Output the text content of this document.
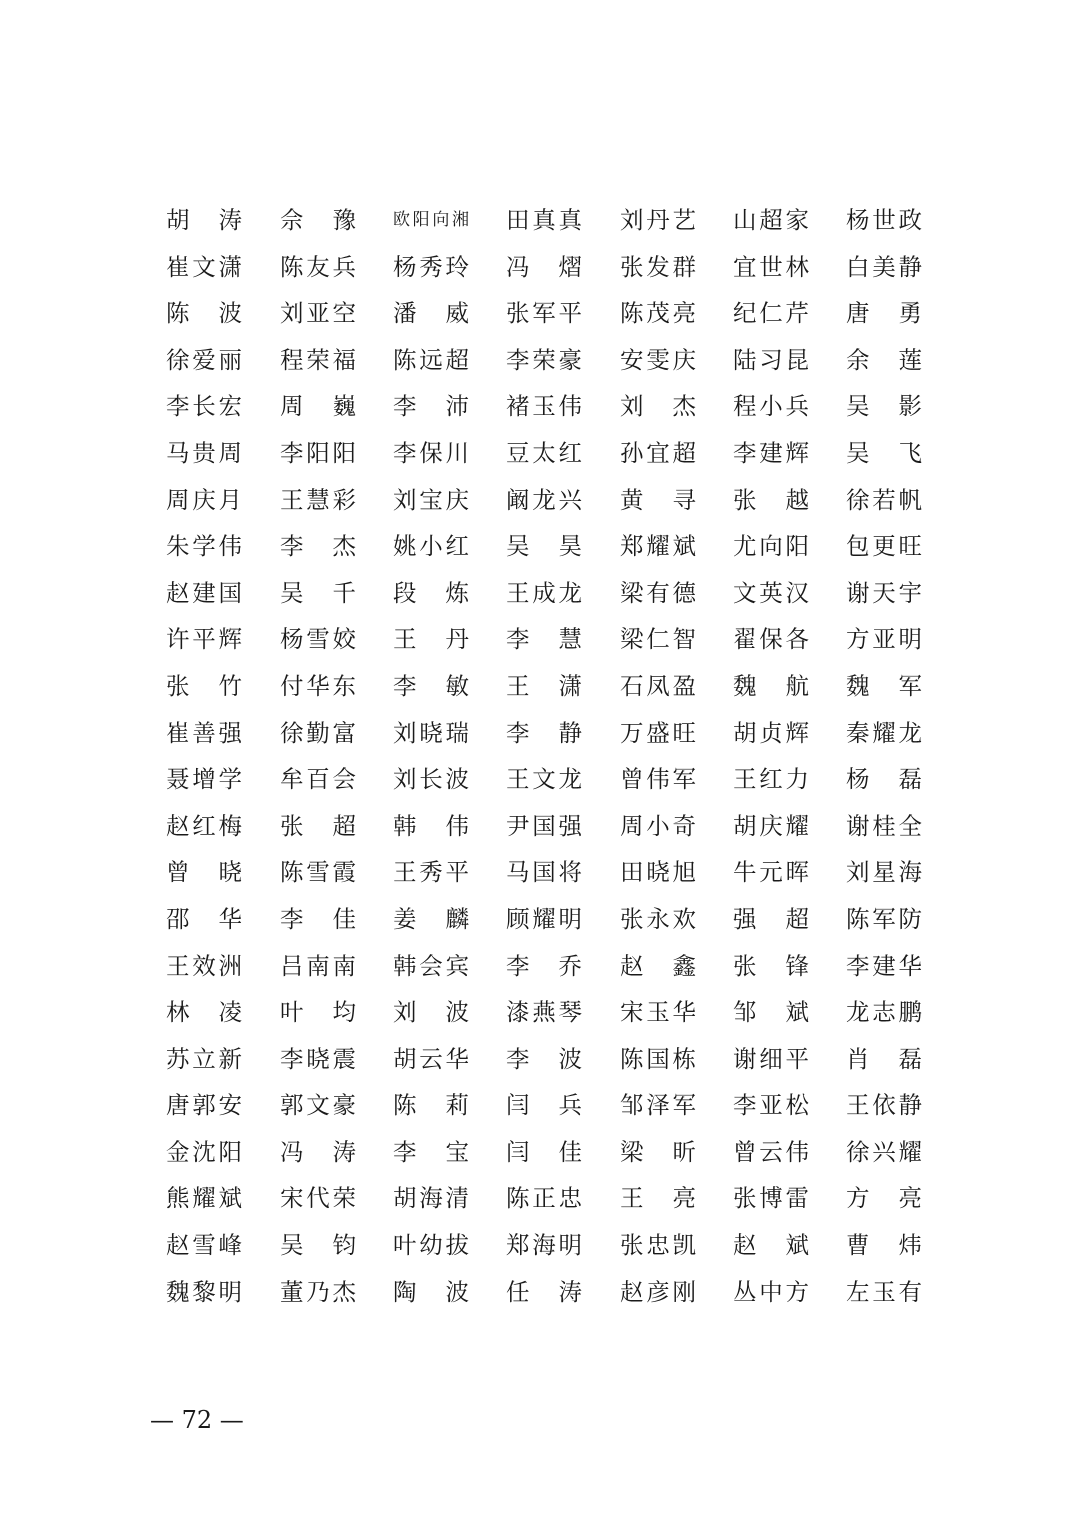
胡 涛 佘 豫 欧 阳 向 湘 田 真 真 刘 丹 艺 山 超 家 杨 世 政
崔 文 潇 陈 友 兵 杨 秀 玲 冯 熠 张 发 群 宜 世 林 白 美 静
陈 波 刘 亚 空 潘 威 张 军 平 陈 茂 亮 纪 仁 芹 唐 勇
徐 爱 丽 程 荣 福 陈 远 超 李 荣 豪 安 雯 庆 陆 习 昆 余 莲
李 长 宏 周 巍 李 沛 褚 玉 伟 刘 杰 程 小 兵 吴 影
马 贵 周 李 阳 阳 李 保 川 豆 太 红 孙 宜 超 李 建 辉 吴 飞
周 庆 月 王 慧 彩 刘 宝 庆 阚 龙 兴 黄 寻 张 越 徐 若 帆
朱 学 伟 李 杰 姚 小 红 吴 昊 郑 耀 斌 尤 向 阳 包 更 旺
赵 建 国 吴 千 段 炼 王 成 龙 梁 有 德 文 英 汉 谢 天 宇
许 平 辉 杨 雪 姣 王 丹 李 慧 梁 仁 智 翟 保 各 方 亚 明
张 竹 付 华 东 李 敏 王 潇 石 凤 盈 魏 航 魏 军
崔 善 强 徐 勤 富 刘 晓 瑞 李 静 万 盛 旺 胡 贞 辉 秦 耀 龙
聂 增 学 牟 百 会 刘 长 波 王 文 龙 曾 伟 军 王 红 力 杨 磊
赵 红 梅 张 超 韩 伟 尹 国 强 周 小 奇 胡 庆 耀 谢 桂 全
曾 晓 陈 雪 霞 王 秀 平 马 国 将 田 晓 旭 牛 元 晖 刘 星 海
邵 华 李 佳 姜 麟 顾 耀 明 张 永 欢 强 超 陈 军 防
王 效 洲 吕 南 南 韩 会 宾 李 乔 赵 鑫 张 锋 李 建 华
林 凌 叶 均 刘 波 漆 燕 琴 宋 玉 华 邹 斌 龙 志 鹏
苏 立 新 李 晓 震 胡 云 华 李 波 陈 国 栋 谢 细 平 肖 磊
唐 郭 安 郭 文 豪 陈 莉 闫 兵 邹 泽 军 李 亚 松 王 依 静
金 沈 阳 冯 涛 李 宝 闫 佳 梁 昕 曾 云 伟 徐 兴 耀
熊 耀 斌 宋 代 荣 胡 海 清 陈 正 忠 王 亮 张 博 雷 方 亮
赵 雪 峰 吴 钧 叶 幼 拔 郑 海 明 张 忠 凯 赵 斌 曹 炜
魏 黎 明 董 乃 杰 陶 波 任 涛 赵 彦 刚 丛 中 方 左 玉 有
— 72 —
